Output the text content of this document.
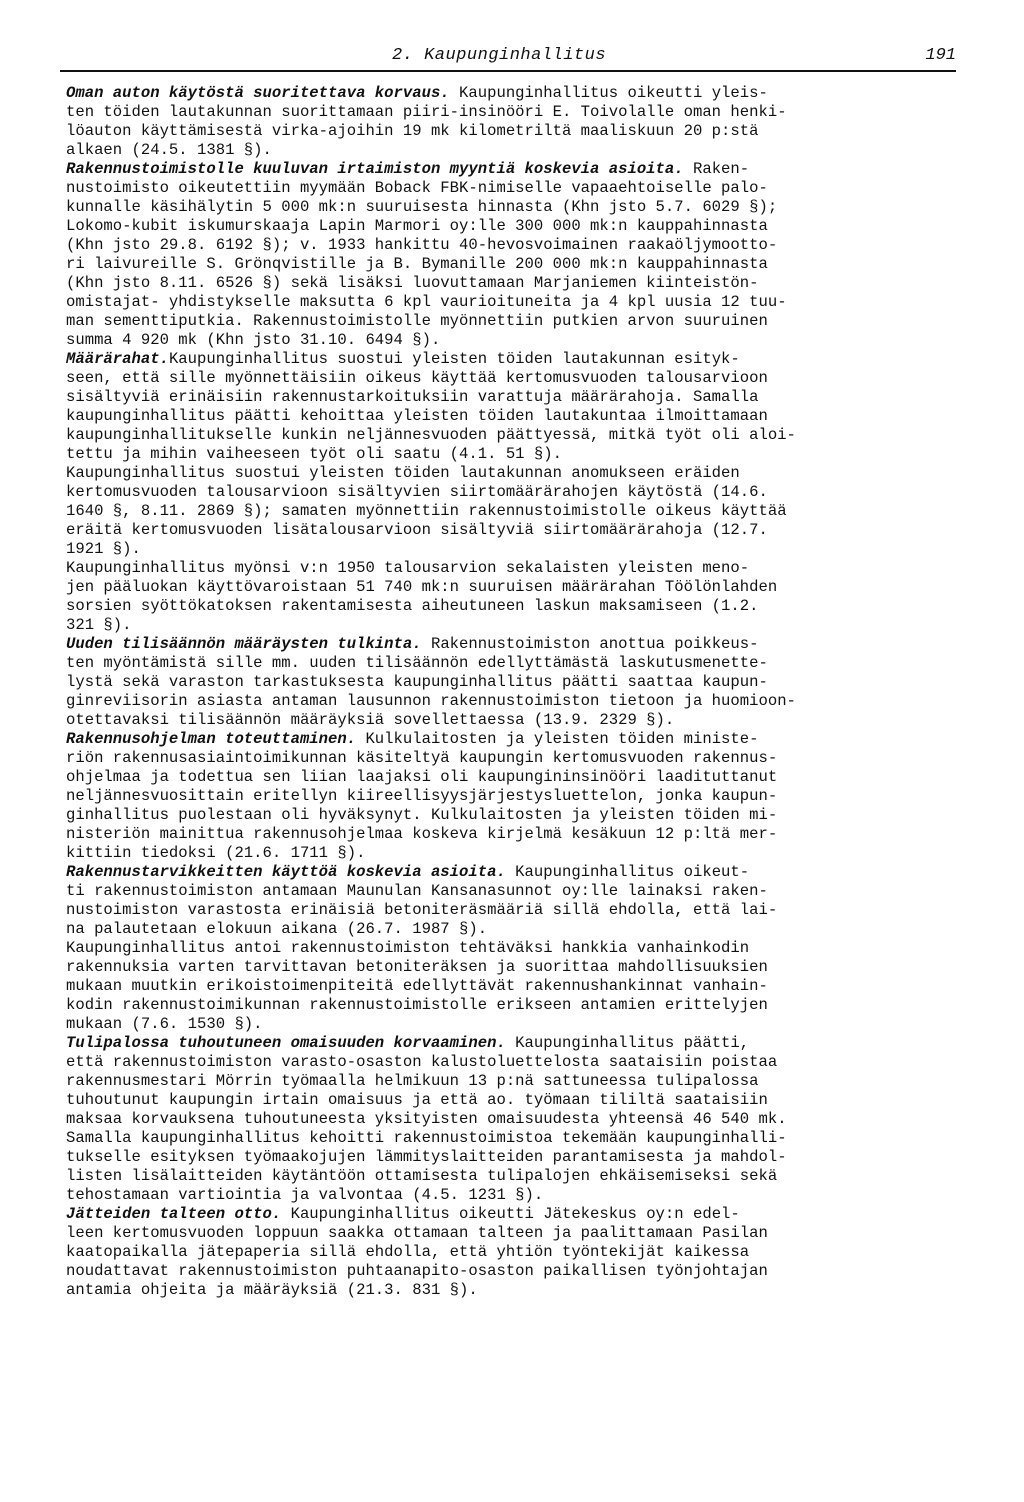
2. Kaupunginhallitus	191
Oman auton käytöstä suoritettava korvaus. Kaupunginhallitus oikeutti yleis-
ten töiden lautakunnan suorittamaan piiri-insinööri E. Toivolalle oman henki-
löauton käyttämisestä virka-ajoihin 19 mk kilometriltä maaliskuun 20 p:stä
alkaen (24.5. 1381 §).
Rakennustoimistolle kuuluvan irtaimiston myyntiä koskevia asioita. Raken-
nustoimisto oikeutettiin myymään Boback FBK-nimiselle vapaaehtoiselle palo-
kunnalle käsihälytin 5 000 mk:n suuruisesta hinnasta (Khn jsto 5.7. 6029 §);
Lokomo-kubit iskumurskaaja Lapin Marmori oy:lle 300 000 mk:n kauppahinnasta
(Khn jsto 29.8. 6192 §); v. 1933 hankittu 40-hevosvoimainen raakaöljymootto-
ri laivureille S. Grönqvistille ja B. Bymanille 200 000 mk:n kauppahinnasta
(Khn jsto 8.11. 6526 §) sekä lisäksi luovuttamaan Marjaniemen kiinteistön-
omistajat- yhdistykselle maksutta 6 kpl vaurioituneita ja 4 kpl uusia 12 tuu-
man sementtiputkia. Rakennustoimistolle myönnettiin putkien arvon suuruinen
summa 4 920 mk (Khn jsto 31.10. 6494 §).
Määrärahat.Kaupunginhallitus suostui yleisten töiden lautakunnan esityk-
seen, että sille myönnettäisiin oikeus käyttää kertomusvuoden talousarvioon
sisältyviä erinäisiin rakennustarkoituksiin varattuja määrärahoja. Samalla
kaupunginhallitus päätti kehoittaa yleisten töiden lautakuntaa ilmoittamaan
kaupunginhallitukselle kunkin neljännesvuoden päättyessä, mitkä työt oli aloi-
tettu ja mihin vaiheeseen työt oli saatu (4.1. 51 §).
Kaupunginhallitus suostui yleisten töiden lautakunnan anomukseen eräiden
kertomusvuoden talousarvioon sisältyvien siirtomäärärahojen käytöstä (14.6.
1640 §, 8.11. 2869 §); samaten myönnettiin rakennustoimistolle oikeus käyttää
eräitä kertomusvuoden lisätalousarvioon sisältyviä siirtomäärärahoja (12.7.
1921 §).
Kaupunginhallitus myönsi v:n 1950 talousarvion sekalaisten yleisten meno-
jen pääluokan käyttövaroistaan 51 740 mk:n suuruisen määrärahan Töölönlahden
sorsien syöttökatoksen rakentamisesta aiheutuneen laskun maksamiseen (1.2.
321 §).
Uuden tilisäännön määräysten tulkinta. Rakennustoimiston anottua poikkeus-
ten myöntämistä sille mm. uuden tilisäännön edellyttämästä laskutusmenette-
lystä sekä varaston tarkastuksesta kaupunginhallitus päätti saattaa kaupun-
ginreviisorin asiasta antaman lausunnon rakennustoimiston tietoon ja huomioon-
otettavaksi tilisäännön määräyksiä sovellettaessa (13.9. 2329 §).
Rakennusohjelman toteuttaminen. Kulkulaitosten ja yleisten töiden ministe-
riön rakennusasiaintoimikunnan käsiteltyä kaupungin kertomusvuoden rakennus-
ohjelmaa ja todettua sen liian laajaksi oli kaupungininsinööri laadituttanut
neljännesvuosittain eritellyn kiireellisyysjärjestysluettelon, jonka kaupun-
ginhallitus puolestaan oli hyväksynyt. Kulkulaitosten ja yleisten töiden mi-
nisteriön mainittua rakennusohjelmaa koskeva kirjelmä kesäkuun 12 p:ltä mer-
kittiin tiedoksi (21.6. 1711 §).
Rakennustarvikkeitten käyttöä koskevia asioita. Kaupunginhallitus oikeut-
ti rakennustoimiston antamaan Maunulan Kansanasunnot oy:lle lainaksi raken-
nustoimiston varastosta erinäisiä betoniteräsmääriä sillä ehdolla, että lai-
na palautetaan elokuun aikana (26.7. 1987 §).
Kaupunginhallitus antoi rakennustoimiston tehtäväksi hankkia vanhainkodin
rakennuksia varten tarvittavan betoniteräksen ja suorittaa mahdollisuuksien
mukaan muutkin erikoistoimenpiteitä edellyttävät rakennushankinnat vanhain-
kodin rakennustoimikunnan rakennustoimistolle erikseen antamien erittelyjen
mukaan (7.6. 1530 §).
Tulipalossa tuhoutuneen omaisuuden korvaaminen. Kaupunginhallitus päätti,
että rakennustoimiston varasto-osaston kalustoluettelosta saataisiin poistaa
rakennusmestari Mörrin työmaalla helmikuun 13 p:nä sattuneessa tulipalossa
tuhoutunut kaupungin irtain omaisuus ja että ao. työmaan tililtä saataisiin
maksaa korvauksena tuhoutuneesta yksityisten omaisuudesta yhteensä 46 540 mk.
Samalla kaupunginhallitus kehoitti rakennustoimistoa tekemään kaupunginhalli-
tukselle esityksen työmaakojujen lämmityslaitteiden parantamisesta ja mahdol-
listen lisälaitteiden käytäntöön ottamisesta tulipalojen ehkäisemiseksi sekä
tehostamaan vartiointia ja valvontaa (4.5. 1231 §).
Jätteiden talteen otto. Kaupunginhallitus oikeutti Jätekeskus oy:n edel-
leen kertomusvuoden loppuun saakka ottamaan talteen ja paalittamaan Pasilan
kaatopaikalla jätepaperia sillä ehdolla, että yhtiön työntekijät kaikessa
noudattavat rakennustoimiston puhtaanapito-osaston paikallisen työnjohtajan
antamia ohjeita ja määräyksiä (21.3. 831 §).
